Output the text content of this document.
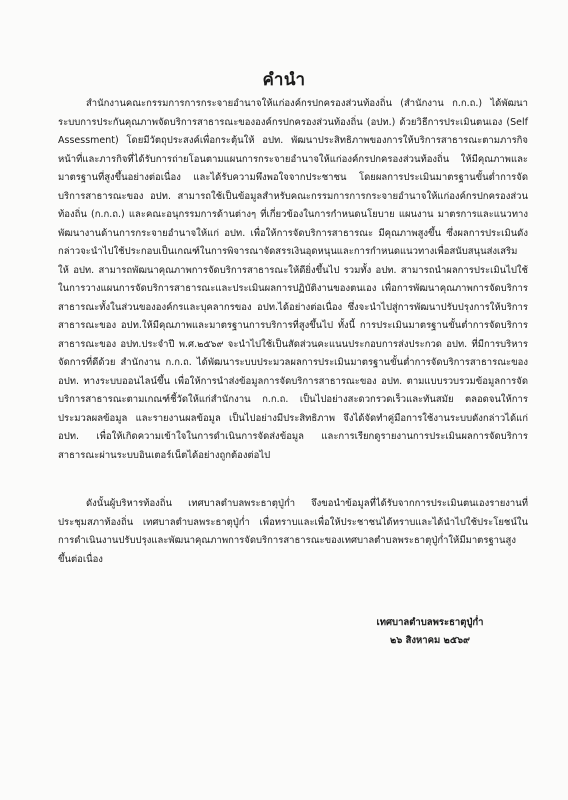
คำนำ

สำนักงานคณะกรรมการการกระจายอำนาจให้แก่องค์กรปกครองส่วนท้องถิ่น (สำนักงาน ก.ก.ถ.) ได้พัฒนาระบบการประกันคุณภาพจัดบริการสาธารณะขององค์กรปกครองส่วนท้องถิ่น (อปท.) ด้วยวิธีการประเมินตนเอง (Self Assessment) โดยมีวัตถุประสงค์เพื่อกระตุ้นให้ อปท. พัฒนาประสิทธิภาพของการให้บริการสาธารณะตามภารกิจหน้าที่และภารกิจที่ได้รับการถ่ายโอนตามแผนการกระจายอำนาจให้แก่องค์กรปกครองส่วนท้องถิ่น ให้มีคุณภาพและมาตรฐานที่สูงขึ้นอย่างต่อเนื่อง และได้รับความพึงพอใจจากประชาชน โดยผลการประเมินมาตรฐานขั้นต่ำการจัดบริการสาธารณะของ อปท. สามารถใช้เป็นข้อมูลสำหรับคณะกรรมการการกระจายอำนาจให้แก่องค์กรปกครองส่วนท้องถิ่น (ก.ก.ถ.) และคณะอนุกรรมการด้านต่างๆ ที่เกี่ยวข้องในการกำหนดนโยบาย แผนงาน มาตรการและแนวทางพัฒนางานด้านการกระจายอำนาจให้แก่ อปท. เพื่อให้การจัดบริการสาธารณะ มีคุณภาพสูงขึ้น ซึ่งผลการประเมินดังกล่าวจะนำไปใช้ประกอบเป็นเกณฑ์ในการพิจารณาจัดสรรเงินอุดหนุนและการกำหนดแนวทางเพื่อสนับสนุนส่งเสริมให้ อปท. สามารถพัฒนาคุณภาพการจัดบริการสาธารณะให้ดียิ่งขึ้นไป รวมทั้ง อปท. สามารถนำผลการประเมินไปใช้ในการวางแผนการจัดบริการสาธารณะและประเมินผลการปฏิบัติงานของตนเอง เพื่อการพัฒนาคุณภาพการจัดบริการสาธารณะทั้งในส่วนขององค์กรและบุคลากรของ อปท.ได้อย่างต่อเนื่อง ซึ่งจะนำไปสู่การพัฒนาปรับปรุงการให้บริการสาธารณะของ อปท.ให้มีคุณภาพและมาตรฐานการบริการที่สูงขึ้นไป ทั้งนี้ การประเมินมาตรฐานขั้นต่ำการจัดบริการสาธารณะของ อปท.ประจำปี พ.ศ.๒๕๖๙ จะนำไปใช้เป็นสัดส่วนคะแนนประกอบการส่งประกวด อปท. ที่มีการบริหารจัดการที่ดีด้วย สำนักงาน ก.ก.ถ. ได้พัฒนาระบบประมวลผลการประเมินมาตรฐานขั้นต่ำการจัดบริการสาธารณะของ อปท. ทางระบบออนไลน์ขึ้น เพื่อให้การนำส่งข้อมูลการจัดบริการสาธารณะของ อปท. ตามแบบรวบรวมข้อมูลการจัดบริการสาธารณะตามเกณฑ์ชี้วัดให้แก่สำนักงาน ก.ก.ถ. เป็นไปอย่างสะดวกรวดเร็วและทันสมัย ตลอดจนให้การประมวลผลข้อมูล และรายงานผลข้อมูล เป็นไปอย่างมีประสิทธิภาพ จึงได้จัดทำคู่มือการใช้งานระบบดังกล่าวได้แก่ อปท. เพื่อให้เกิดความเข้าใจในการดำเนินการจัดส่งข้อมูล และการเรียกดูรายงานการประเมินผลการจัดบริการสาธารณะผ่านระบบอินเตอร์เน็ตได้อย่างถูกต้องต่อไป

ดังนั้นผู้บริหารท้องถิ่น เทศบาลตำบลพระธาตุปู่ก่ำ จึงขอนำข้อมูลที่ได้รับจากการประเมินตนเองรายงานที่ประชุมสภาท้องถิ่น เทศบาลตำบลพระธาตุปู่ก่ำ เพื่อทราบและเพื่อให้ประชาชนได้ทราบและได้นำไปใช้ประโยชน์ในการดำเนินงานปรับปรุงและพัฒนาคุณภาพการจัดบริการสาธารณะของเทศบาลตำบลพระธาตุปู่ก่ำให้มีมาตรฐานสูงขึ้นต่อเนื่อง

เทศบาลตำบลพระธาตุปู่ก่ำ
๒๖ สิงหาคม ๒๕๖๙
